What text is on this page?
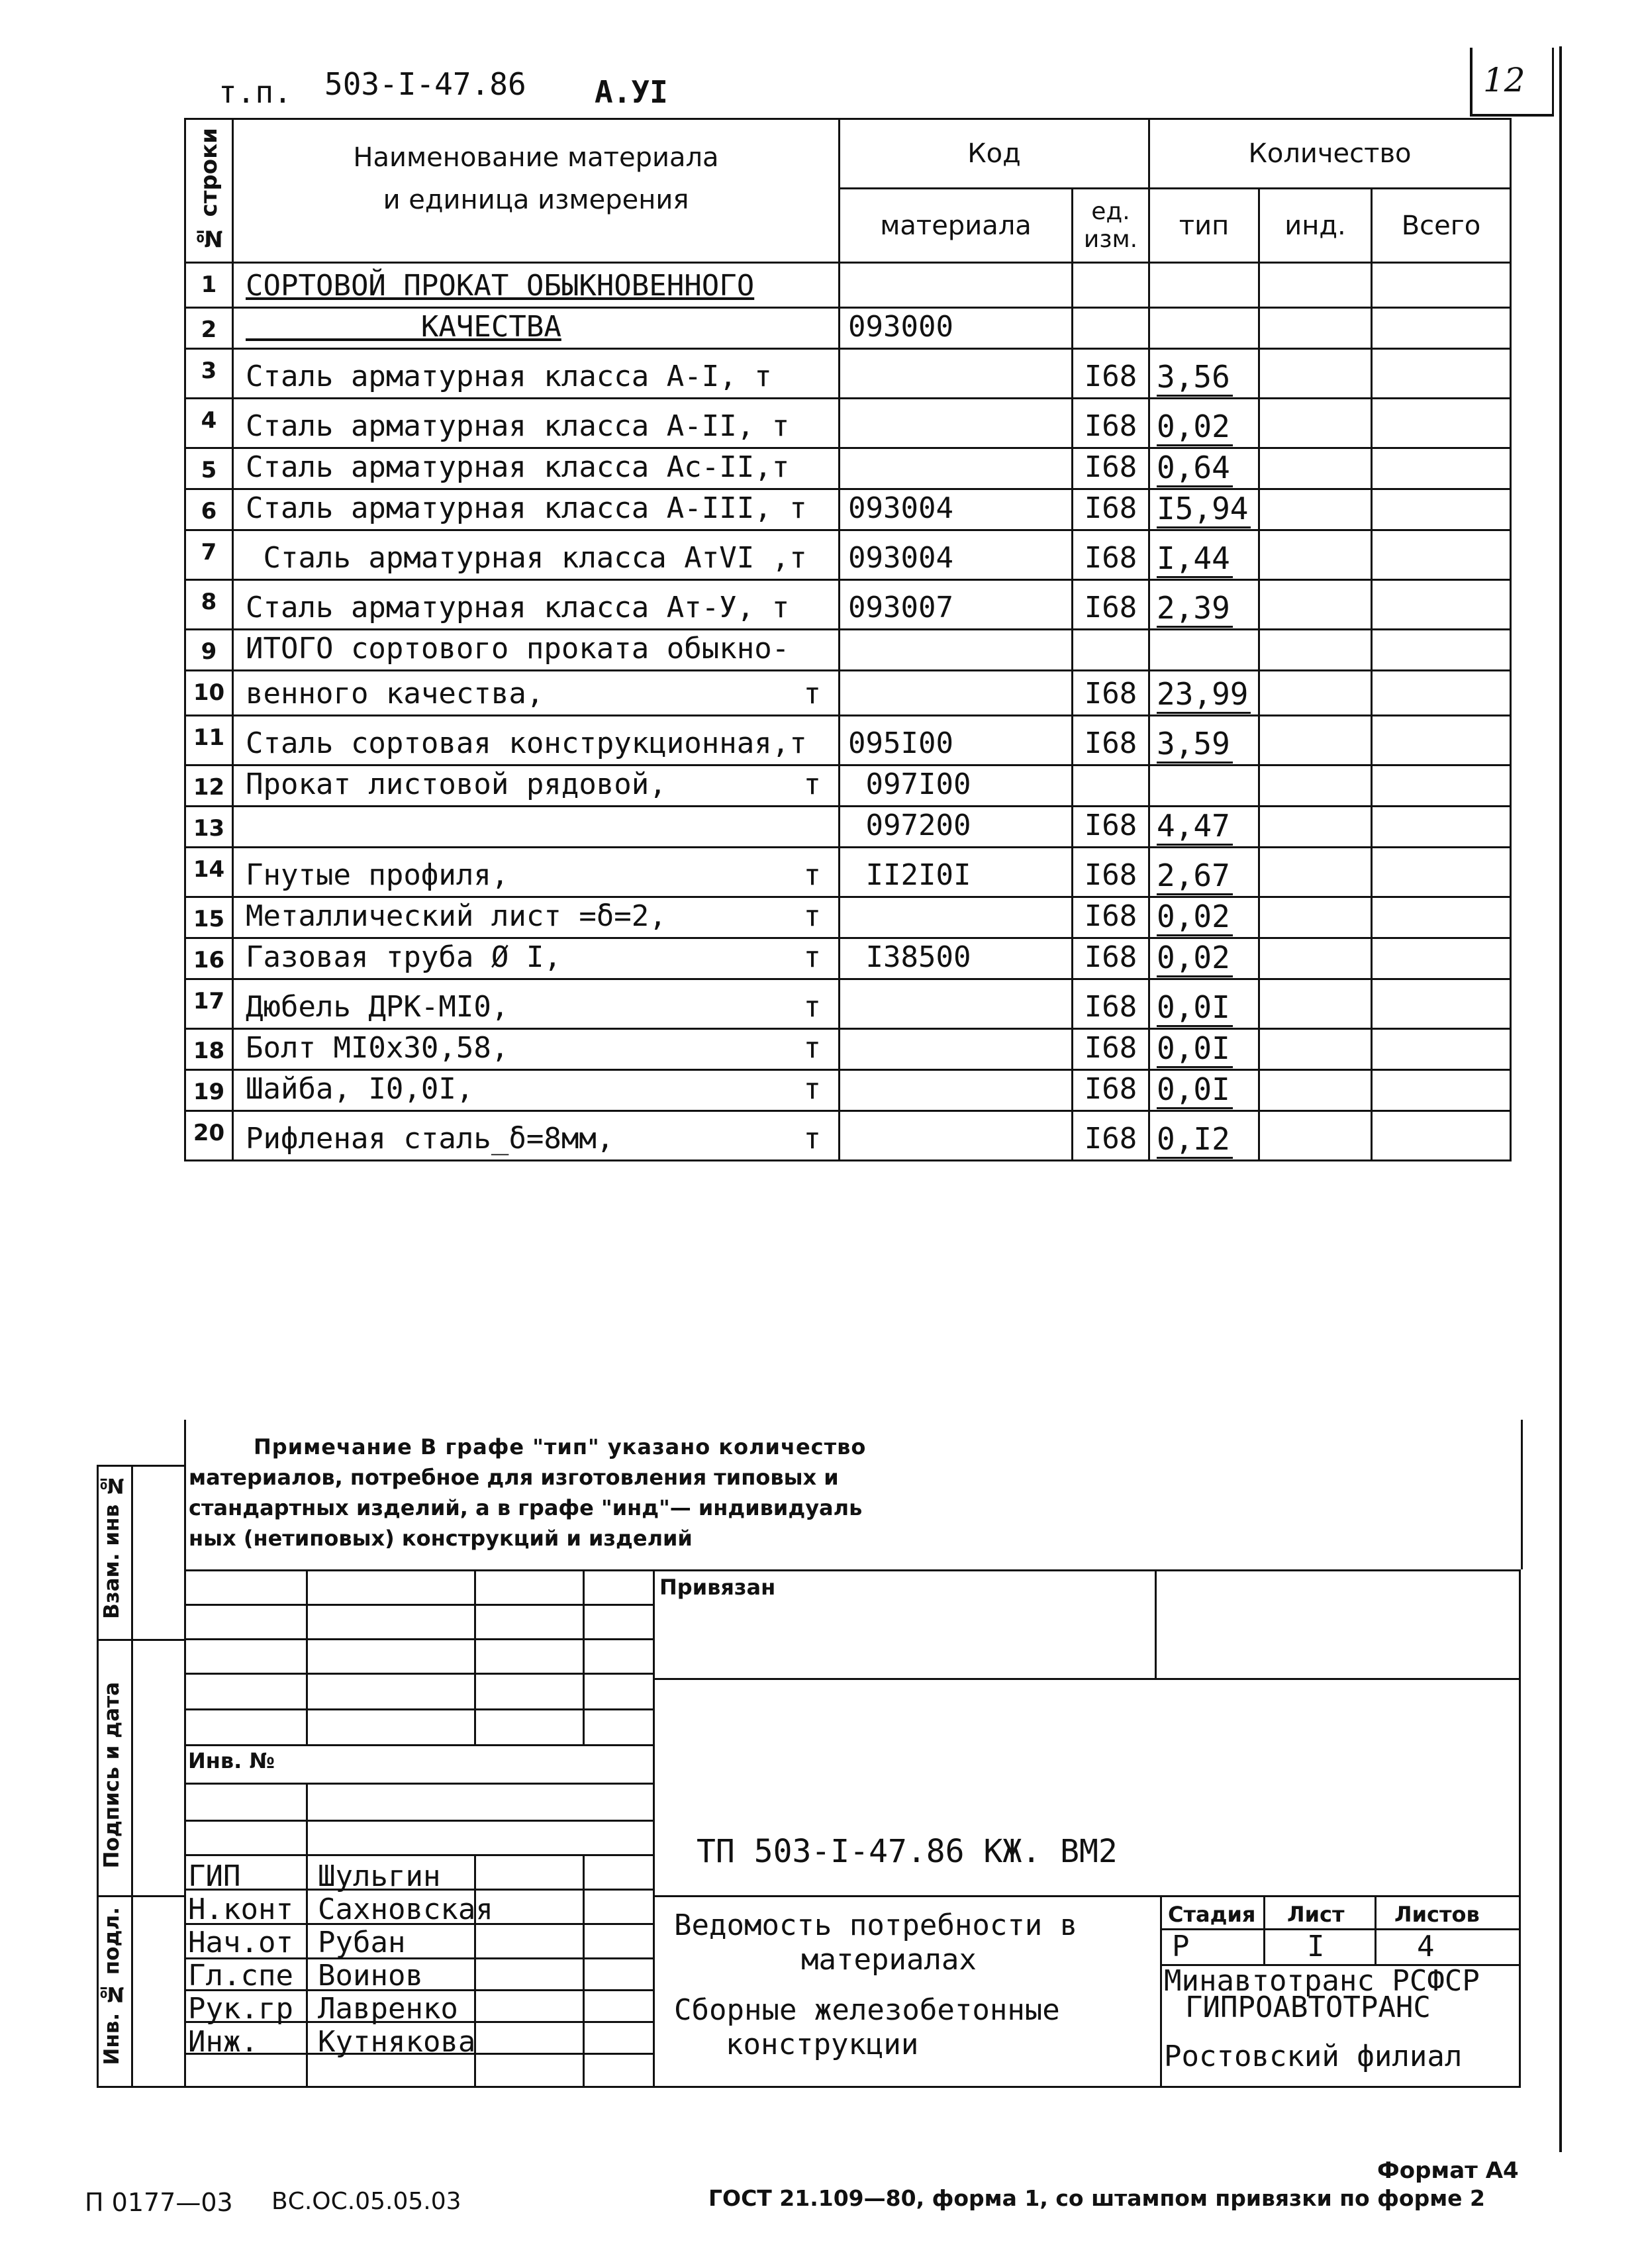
т.п. 503-I-47.86 А.УI	12
№ строки	Наименование материала
и единица измерения	Код		Количество		
		материала	ед. изм.	тип	инд.	Всего
1	СОРТОВОЙ ПРОКАТ ОБЫКНОВЕННОГО					
2	КАЧЕСТВА	093000				
3	Сталь арматурная класса А-I, т		I68	3,56		
4	Сталь арматурная класса А-II, т		I68	0,02		
5	Сталь арматурная класса Ас-II,т		I68	0,64		
6	Сталь арматурная класса А-III, т	093004	I68	I5,94		
7	Сталь арматурная класса АтVI ,т	093004	I68	I,44		
8	Сталь арматурная класса Ат-У, т	093007	I68	2,39		
9	ИТОГО сортового проката обыкно-					
10	венного качества, т		I68	23,99		
11	Сталь сортовая конструкционная,т	095I00	I68	3,59		
12	Прокат листовой рядовой, т	097I00				
13		097200	I68	4,47		
14	Гнутые профиля, т	II2I0I	I68	2,67		
15	Металлический лист =δ=2, т		I68	0,02		
16	Газовая труба Ø I, т	I38500	I68	0,02		
17	Дюбель ДРК-МI0, т		I68	0,0I		
18	Болт МI0х30,58, т		I68	0,0I		
19	Шайба, I0,0I, т		I68	0,0I		
20	Рифленая сталь_δ=8мм, т		I68	0,I2		

Примечание В графе "тип" указано количество

материалов, потребное для изготовления типовых и

стандартных изделий, а в графе "инд"— индивидуаль

ных (нетиповых) конструкций и изделий

Взам. инв №
Подпись и дата
Инв. № подл.
Привязан
Инв. №
ТП 503-I-47.86 КЖ. ВМ2
Ведомость потребности в
материалах
Сборные железобетонные
конструкции
Стадия Лист Листов
Р	I	4
Минавтотранс РСФСР
ГИПРОАВТОТРАНС
Ростовский филиал
ГИП	Шульгин
Н.конт Сахновская
Нач.от Рубан
Гл.спе Воинов
Рук.гр Лавренко
Инж. Кутнякова
Формат А4
П 0177—03 ВС.ОС.05.05.03	ГОСТ 21.109—80, форма 1, со штампом привязки по форме 2
